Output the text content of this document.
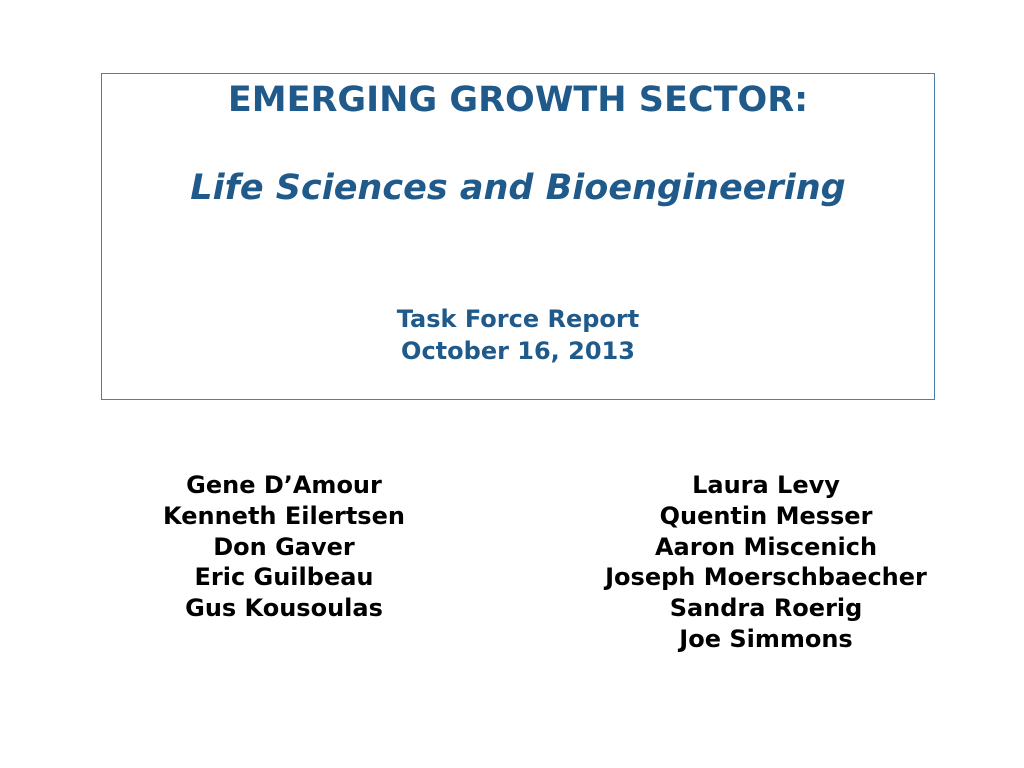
EMERGING GROWTH SECTOR:
Life Sciences and Bioengineering
Task Force Report
October 16, 2013
Gene D’Amour
Kenneth Eilertsen
Don Gaver
Eric Guilbeau
Gus Kousoulas
Laura Levy
Quentin Messer
Aaron Miscenich
Joseph Moerschbaecher
Sandra Roerig
Joe Simmons
